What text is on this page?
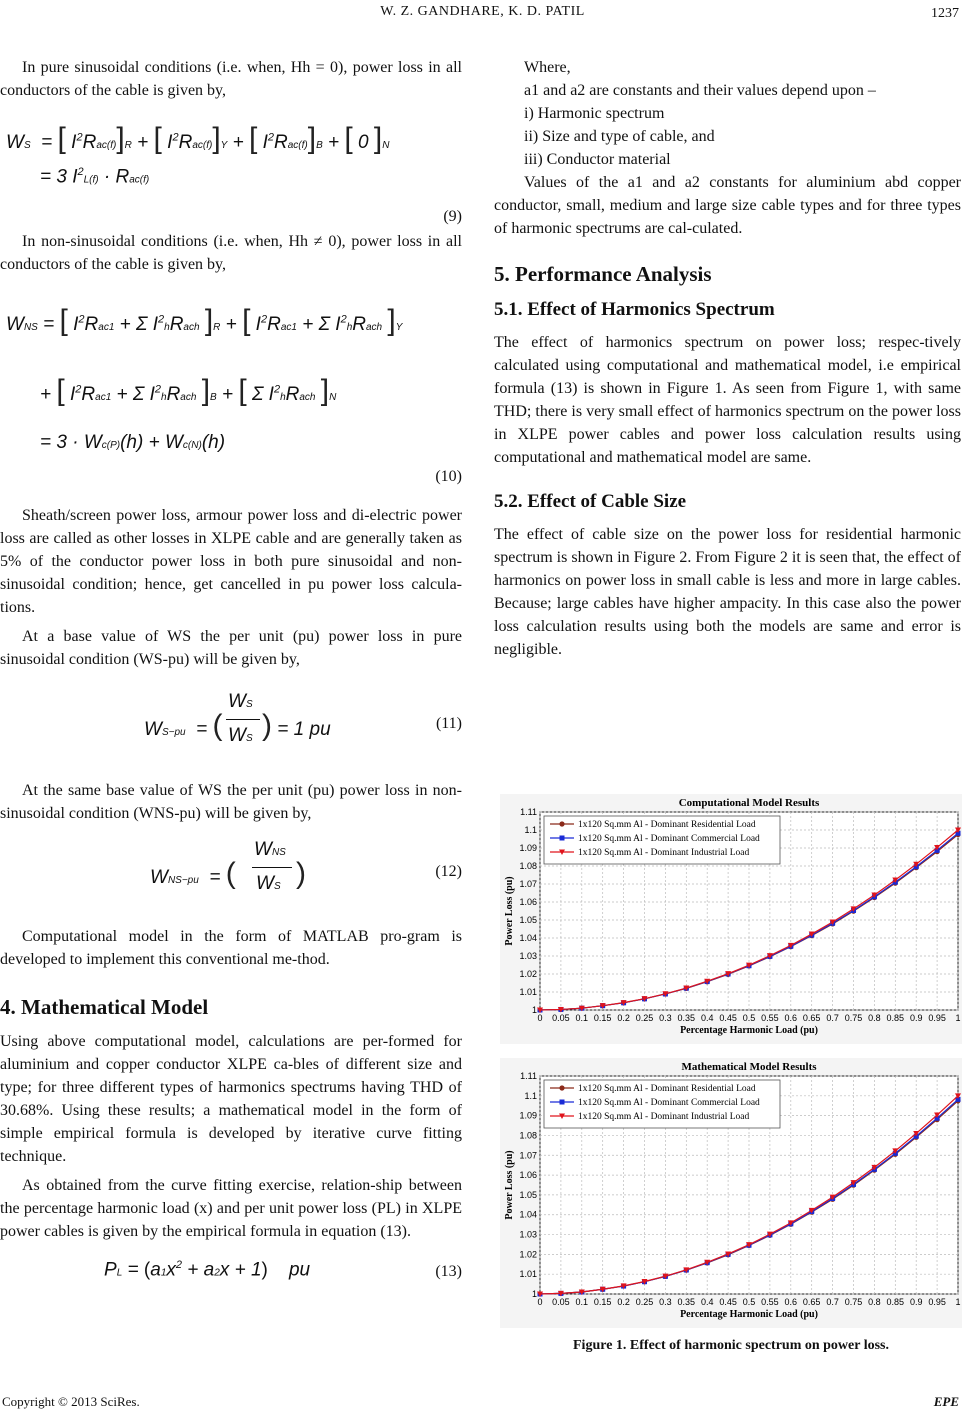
W. Z. GANDHARE, K. D. PATIL	1237

In pure sinusoidal conditions (i.e. when, Hh = 0), power loss in all conductors of the cable is given by,

WS  = [ $I^2Rac(f)]R$ + [ $I^2Rac(f)]Y$ + [ $I^2Rac(f)]B$ + [ 0 ]N
= 3 $I^2L(f) \cdot Rac(f)$
(9)

In non-sinusoidal conditions (i.e. when, Hh ≠ 0), power loss in all conductors of the cable is given by,

WNS = [ $I^2Rac1 + \Sigma$ $I^2hRach$ ]R + [ $I^2Rac1 + \Sigma$ $I^2hRach$ ]Y
+ [ $I^2Rac1 + \Sigma$ $I^2hRach$ ]B + [ Σ $I^2hRach$ ]N
= 3 · Wc(P)(h) + Wc(N)(h)
(10)

Sheath/screen power loss, armour power loss and di-electric power loss are called as other losses in XLPE cable and are generally taken as 5% of the conductor power loss in both pure sinusoidal and non-sinusoidal condition; hence, get cancelled in pu power loss calcula-tions.

At a base value of WS the per unit (pu) power loss in pure sinusoidal condition (WS-pu) will be given by,

WS−pu  = (
WS
WS ) = 1 pu	(11)

At the same base value of WS the per unit (pu) power loss in non-sinusoidal condition (WNS-pu) will be given by,

WNS−pu  = (
WNS
WS )	(12)

Computational model in the form of MATLAB pro-gram is developed to implement this conventional me-thod.

4. Mathematical Model

Using above computational model, calculations are per-formed for aluminium and copper conductor XLPE ca-bles of different size and type; for three different types of harmonics spectrums having THD of 30.68%. Using these results; a mathematical model in the form of simple empirical formula is developed by iterative curve fitting technique.

As obtained from the curve fitting exercise, relation-ship between the percentage harmonic load (x) and per unit power loss (PL) in XLPE power cables is given by the empirical formula in equation (13).

PL = $(a1x^2 + a2x + 1)$    pu	(13)

Where,

a1 and a2 are constants and their values depend upon –

i) Harmonic spectrum

ii) Size and type of cable, and

iii) Conductor material

Values of the a1 and a2 constants for aluminium abd copper conductor, small, medium and large size cable types and for three types of harmonic spectrums are cal-culated.

5. Performance Analysis
5.1. Effect of Harmonics Spectrum

The effect of harmonics spectrum on power loss; respec-tively calculated using computational and mathematical model, i.e empirical formula (13) is shown in Figure 1. As seen from Figure 1, with same THD; there is very small effect of harmonics spectrum on the power loss in XLPE power cables and power loss calculation results using computational and mathematical model are same.

5.2. Effect of Cable Size

The effect of cable size on the power loss for residential harmonic spectrum is shown in Figure 2. From Figure 2 it is seen that, the effect of harmonics on power loss in small cable is less and more in large cables. Because; large cables have higher ampacity. In this case also the power loss calculation results using both the models are same and error is negligible.

Computational Model Results
1
1.01
1.02
1.03
1.04
1.05
1.06
1.07
1.08
1.09
1.1
1.11
0 0.05 0.1 0.15 0.2 0.25 0.3 0.35 0.4 0.45 0.5 0.55 0.6 0.65 0.7 0.75 0.8 0.85 0.9 0.95 1
Percentage Harmonic Load (pu)
Power Loss (pu)
1x120 Sq.mm Al - Dominant Residential Load
1x120 Sq.mm Al - Dominant Commercial Load
1x120 Sq.mm Al - Dominant Industrial Load
Mathematical Model Results
1
1.01
1.02
1.03
1.04
1.05
1.06
1.07
1.08
1.09
1.1
1.11
0 0.05 0.1 0.15 0.2 0.25 0.3 0.35 0.4 0.45 0.5 0.55 0.6 0.65 0.7 0.75 0.8 0.85 0.9 0.95 1
Percentage Harmonic Load (pu)
Power Loss (pu)
1x120 Sq.mm Al - Dominant Residential Load
1x120 Sq.mm Al - Dominant Commercial Load
1x120 Sq.mm Al - Dominant Industrial Load
Figure 1. Effect of harmonic spectrum on power loss.
Copyright © 2013 SciRes.	EPE
